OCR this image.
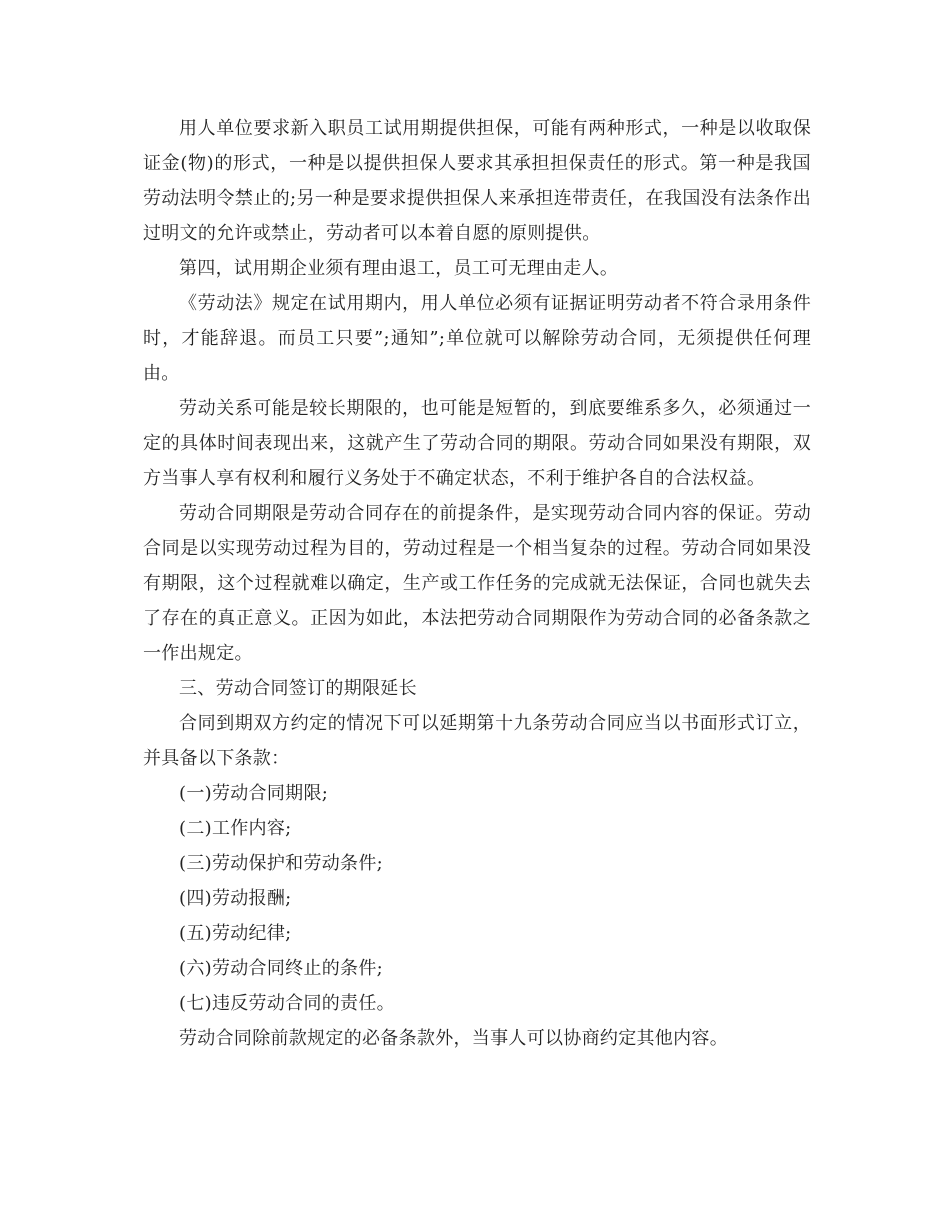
用人单位要求新入职员工试用期提供担保，可能有两种形式，一种是以收取保证金(物)的形式，一种是以提供担保人要求其承担担保责任的形式。第一种是我国劳动法明令禁止的;另一种是要求提供担保人来承担连带责任，在我国没有法条作出过明文的允许或禁止，劳动者可以本着自愿的原则提供。

第四，试用期企业须有理由退工，员工可无理由走人。

《劳动法》规定在试用期内，用人单位必须有证据证明劳动者不符合录用条件时，才能辞退。而员工只要”;通知”;单位就可以解除劳动合同，无须提供任何理由。

劳动关系可能是较长期限的，也可能是短暂的，到底要维系多久，必须通过一定的具体时间表现出来，这就产生了劳动合同的期限。劳动合同如果没有期限，双方当事人享有权利和履行义务处于不确定状态，不利于维护各自的合法权益。

劳动合同期限是劳动合同存在的前提条件，是实现劳动合同内容的保证。劳动合同是以实现劳动过程为目的，劳动过程是一个相当复杂的过程。劳动合同如果没有期限，这个过程就难以确定，生产或工作任务的完成就无法保证，合同也就失去了存在的真正意义。正因为如此，本法把劳动合同期限作为劳动合同的必备条款之一作出规定。

三、劳动合同签订的期限延长

合同到期双方约定的情况下可以延期第十九条劳动合同应当以书面形式订立，并具备以下条款：

(一)劳动合同期限;

(二)工作内容;

(三)劳动保护和劳动条件;

(四)劳动报酬;

(五)劳动纪律;

(六)劳动合同终止的条件;

(七)违反劳动合同的责任。

劳动合同除前款规定的必备条款外，当事人可以协商约定其他内容。
